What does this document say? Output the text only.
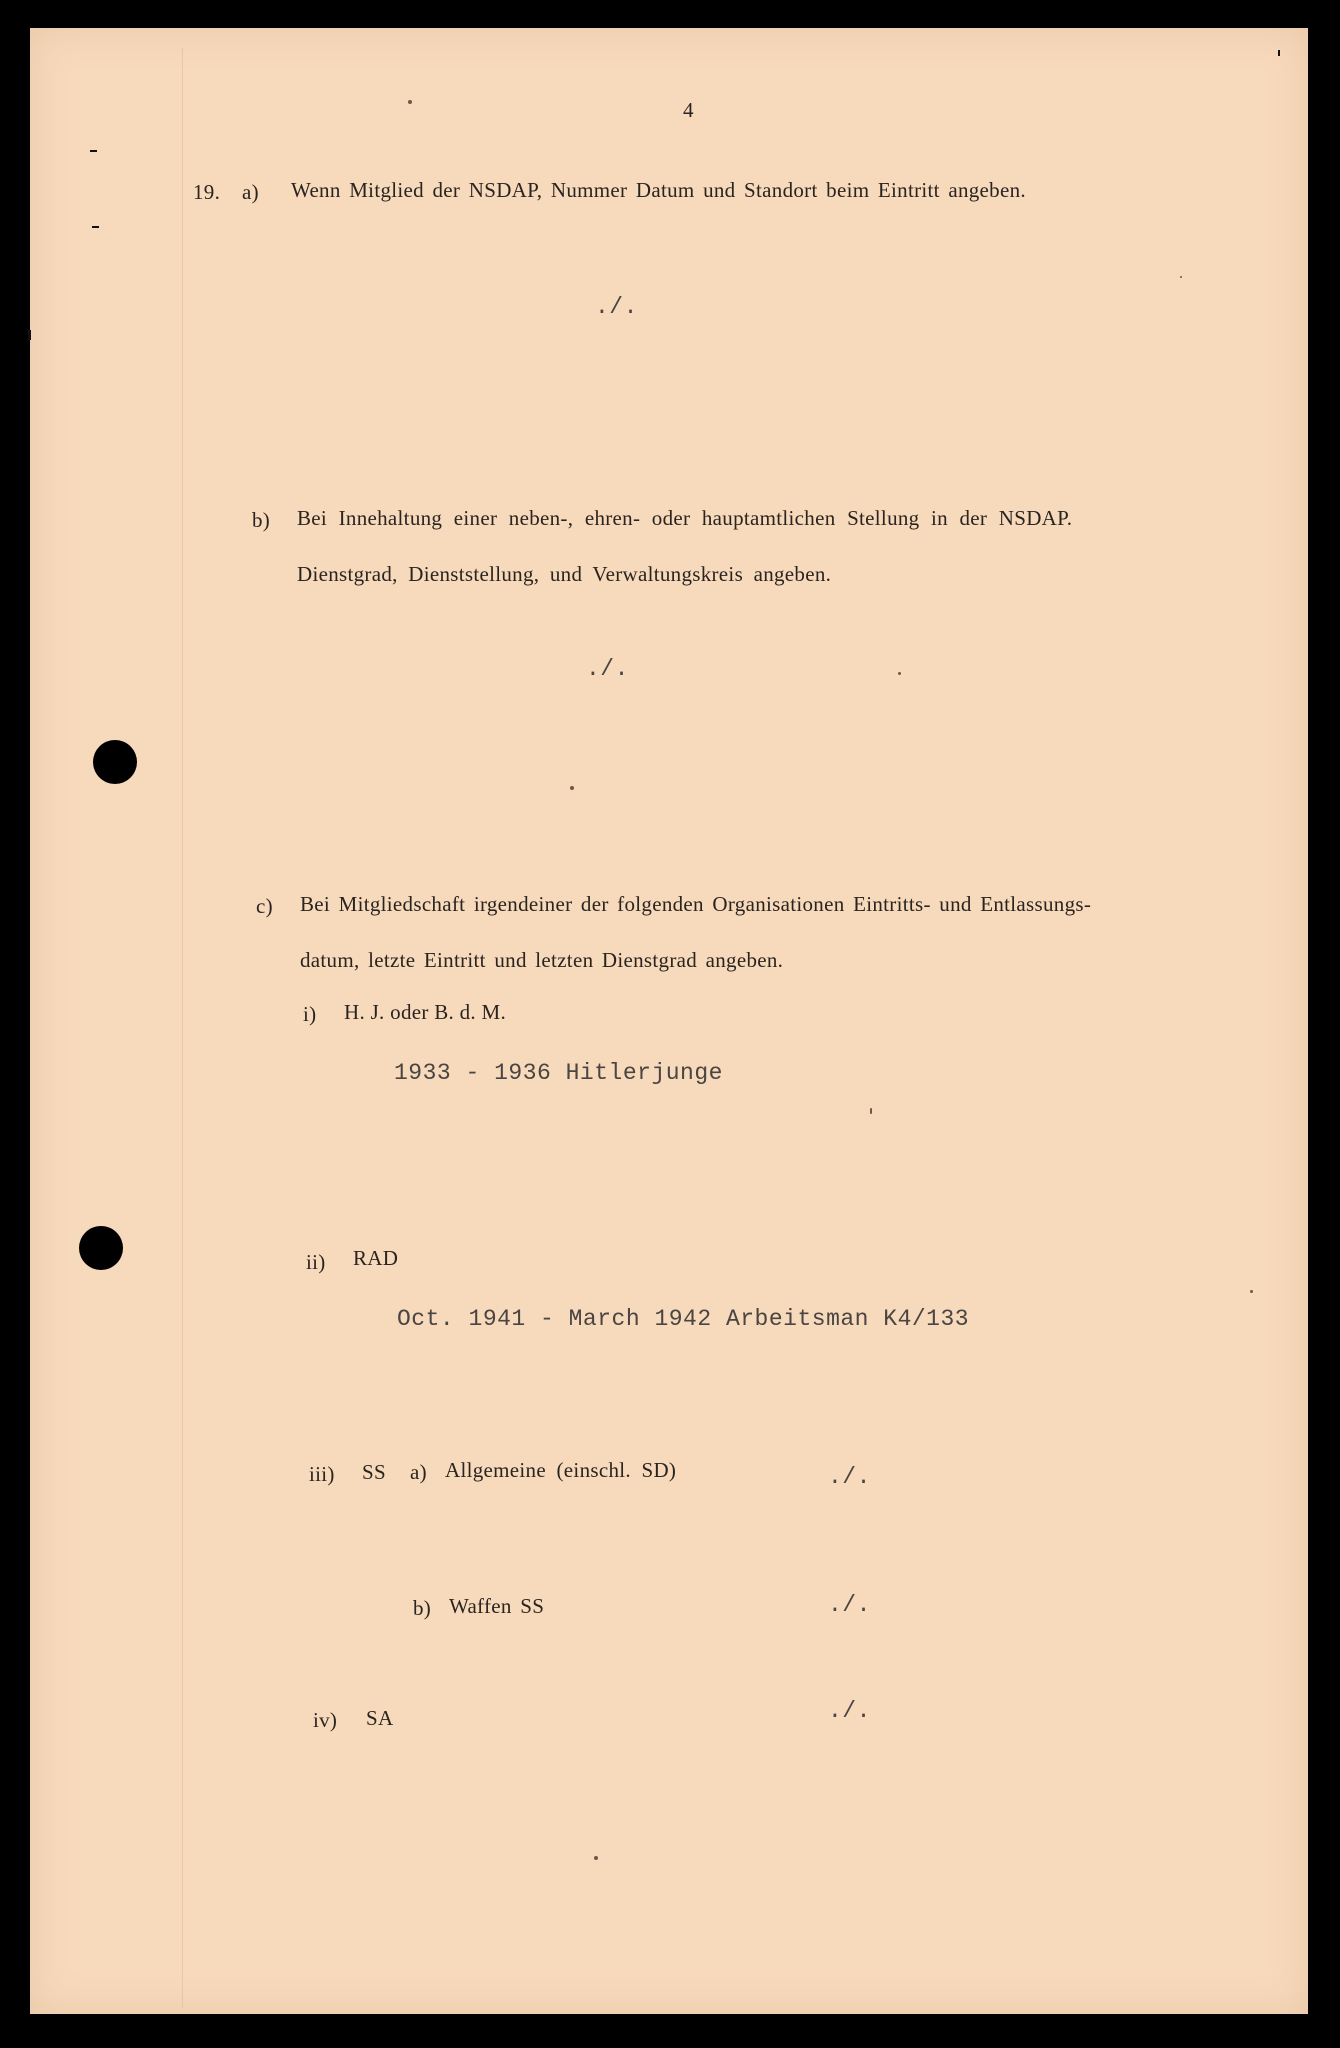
4
19. a) Wenn Mitglied der NSDAP, Nummer Datum und Standort beim Eintritt angeben.
./.
b) Bei Innehaltung einer neben-, ehren- oder hauptamtlichen Stellung in der NSDAP.
Dienstgrad, Dienststellung, und Verwaltungskreis angeben.
./.
c) Bei Mitgliedschaft irgendeiner der folgenden Organisationen Eintritts- und Entlassungs-
datum, letzte Eintritt und letzten Dienstgrad angeben.
i) H. J. oder B. d. M.
1933 - 1936 Hitlerjunge
ii) RAD
Oct. 1941 - March 1942 Arbeitsman K4/133
iii) SS a) Allgemeine (einschl. SD)	./.
b) Waffen SS	./.
iv) SA	./.
